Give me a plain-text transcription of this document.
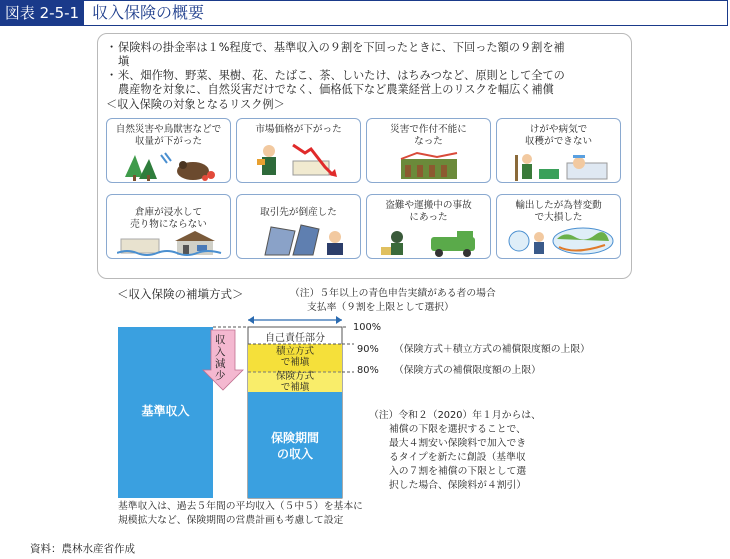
図表 2-5-1 収入保険の概要
・ 保険料の掛金率は１%程度で、基準収入の９割を下回ったときに、下回った額の９割を補
塡
・ 米、畑作物、野菜、果樹、花、たばこ、茶、しいたけ、はちみつなど、原則として全ての
農産物を対象に、自然災害だけでなく、価格低下など農業経営上のリスクを幅広く補償
＜収入保険の対象となるリスク例＞
自然災害や鳥獣害などで
収量が下がった
市場価格が下がった	災害で作付不能に
なった
けがや病気で
収穫ができない
倉庫が浸水して
売り物にならない
取引先が倒産した
盗難や運搬中の事故
にあった
輸出したが為替変動
で大損した
＜収入保険の補塡方式＞	（注）５年以上の青色申告実績がある者の場合
支払率（９割を上限として選択）
収入減少
自己責任部分
積立方式
で補塡
保険方式
で補塡
基準収入
保険期間
の収入
100%
90% （保険方式＋積立方式の補償限度額の上限）
80% （保険方式の補償限度額の上限）
（注）令和２（2020）年１月からは、
補償の下限を選択することで、
最大４割安い保険料で加入でき
るタイプを新たに創設（基準収
入の７割を補償の下限として選
択した場合、保険料が４割引）
基準収入は、過去５年間の平均収入（５中５）を基本に
規模拡大など、保険期間の営農計画も考慮して設定
資料：農林水産省作成
